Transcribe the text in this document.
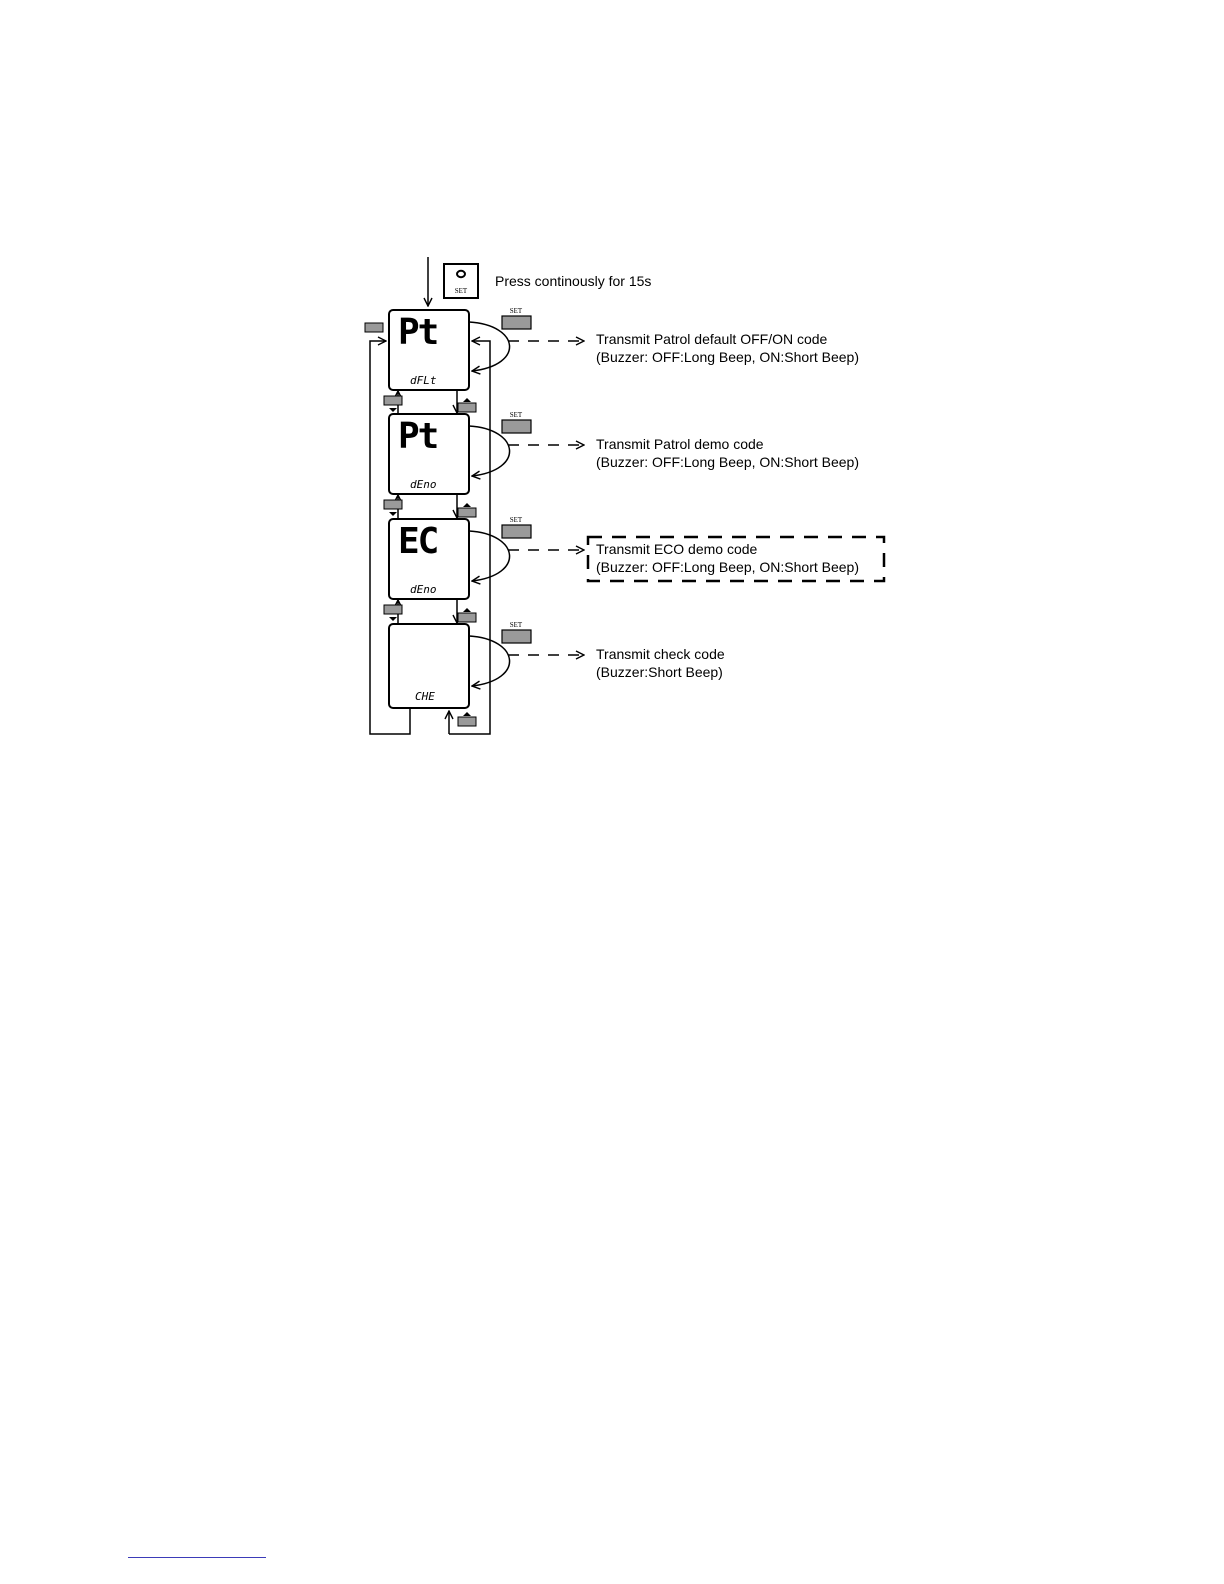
SET
Press continously for 15s
Pt
dFLt
Pt
dEno
EC
dEno
CHE
SET
SET
SET
SET
Transmit Patrol default OFF/ON code
(Buzzer: OFF:Long Beep, ON:Short Beep)
Transmit Patrol demo code
(Buzzer: OFF:Long Beep, ON:Short Beep)
Transmit ECO demo code
(Buzzer: OFF:Long Beep, ON:Short Beep)
Transmit check code
(Buzzer:Short Beep)
